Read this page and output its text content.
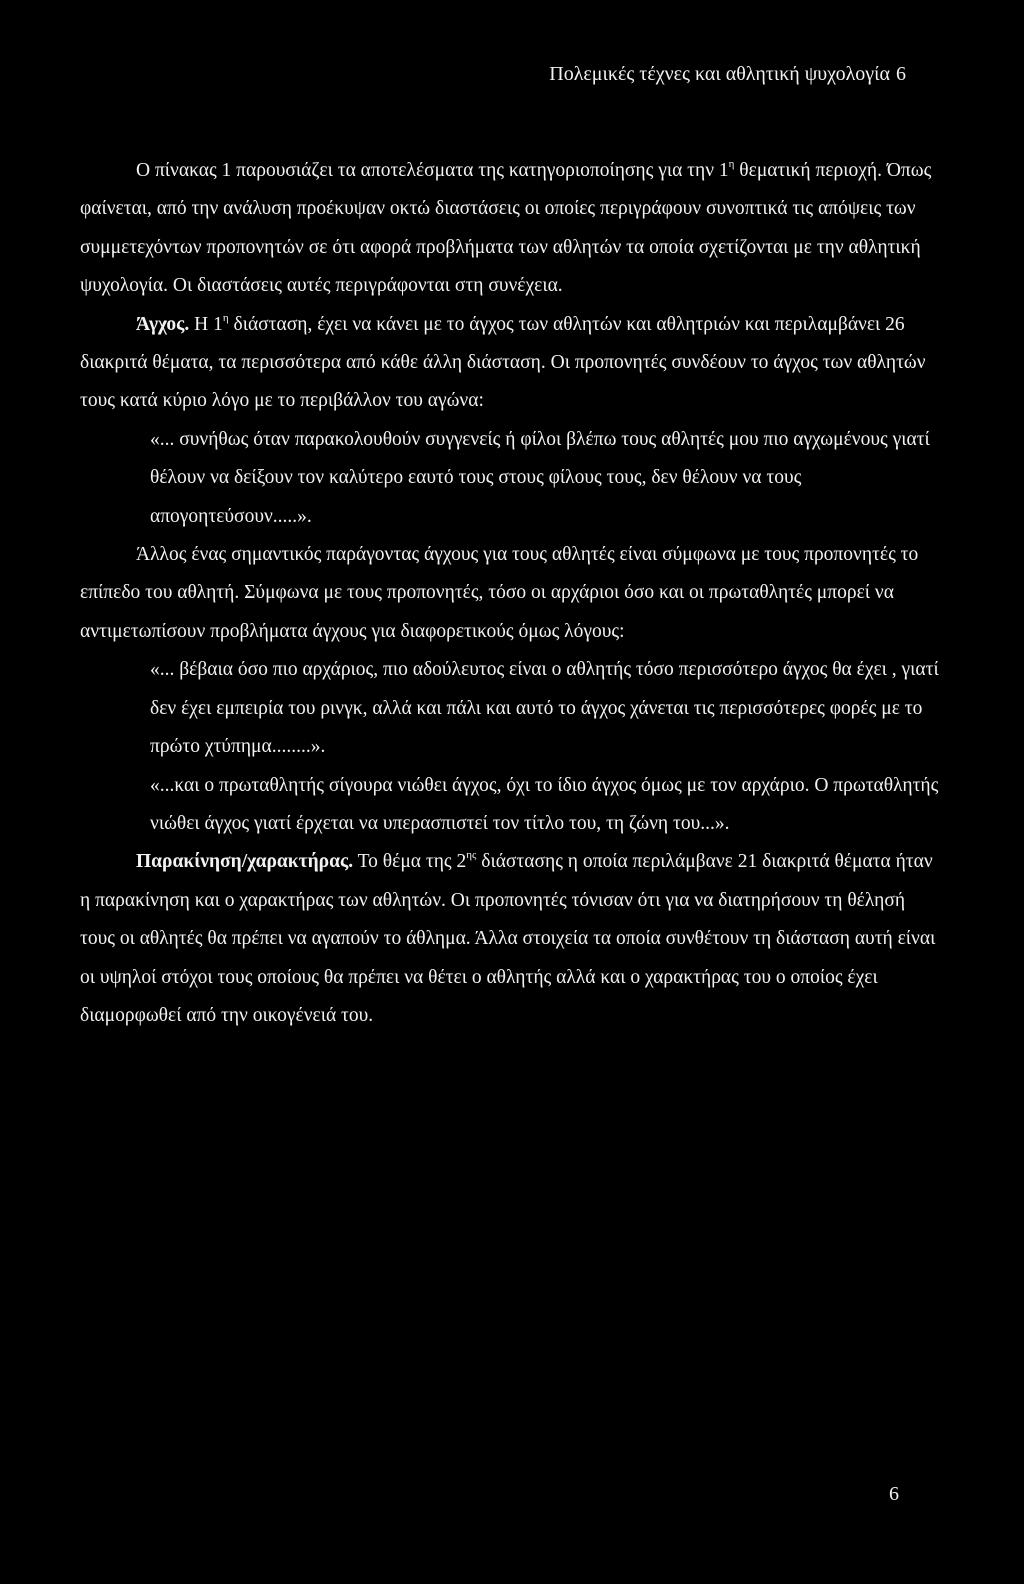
Πολεμικές τέχνες και αθλητική ψυχολογία 6

Ο πίνακας 1 παρουσιάζει τα αποτελέσματα της κατηγοριοποίησης για την $1^\eta$ θεματική περιοχή. Όπως φαίνεται, από την ανάλυση προέκυψαν οκτώ διαστάσεις οι οποίες περιγράφουν συνοπτικά τις απόψεις των συμμετεχόντων προπονητών σε ότι αφορά προβλήματα των αθλητών τα οποία σχετίζονται με την αθλητική ψυχολογία. Οι διαστάσεις αυτές περιγράφονται στη συνέχεια.

Άγχος. Η $1^\eta$ διάσταση, έχει να κάνει με το άγχος των αθλητών και αθλητριών και περιλαμβάνει 26 διακριτά θέματα, τα περισσότερα από κάθε άλλη διάσταση. Οι προπονητές συνδέουν το άγχος των αθλητών τους κατά κύριο λόγο με το περιβάλλον του αγώνα:

«... συνήθως όταν παρακολουθούν συγγενείς ή φίλοι βλέπω τους αθλητές μου πιο αγχωμένους γιατί θέλουν να δείξουν τον καλύτερο εαυτό τους στους φίλους τους, δεν θέλουν να τους απογοητεύσουν.....».

Άλλος ένας σημαντικός παράγοντας άγχους για τους αθλητές είναι σύμφωνα με τους προπονητές το επίπεδο του αθλητή. Σύμφωνα με τους προπονητές, τόσο οι αρχάριοι όσο και οι πρωταθλητές μπορεί να αντιμετωπίσουν προβλήματα άγχους για διαφορετικούς όμως λόγους:

«... βέβαια όσο πιο αρχάριος, πιο αδούλευτος είναι ο αθλητής τόσο περισσότερο άγχος θα έχει , γιατί δεν έχει εμπειρία του ρινγκ, αλλά και πάλι και αυτό το άγχος χάνεται τις περισσότερες φορές με το πρώτο χτύπημα........».

«...και ο πρωταθλητής σίγουρα νιώθει άγχος, όχι το ίδιο άγχος όμως με τον αρχάριο. Ο πρωταθλητής νιώθει άγχος γιατί έρχεται να υπερασπιστεί τον τίτλο του, τη ζώνη του...».

Παρακίνηση/χαρακτήρας. Το θέμα της $2^{\eta\varsigma}$ διάστασης η οποία περιλάμβανε 21 διακριτά θέματα ήταν η παρακίνηση και ο χαρακτήρας των αθλητών. Οι προπονητές τόνισαν ότι για να διατηρήσουν τη θέλησή τους οι αθλητές θα πρέπει να αγαπούν το άθλημα. Άλλα στοιχεία τα οποία συνθέτουν τη διάσταση αυτή είναι οι υψηλοί στόχοι τους οποίους θα πρέπει να θέτει ο αθλητής αλλά και ο χαρακτήρας του ο οποίος έχει διαμορφωθεί από την οικογένειά του.

6
